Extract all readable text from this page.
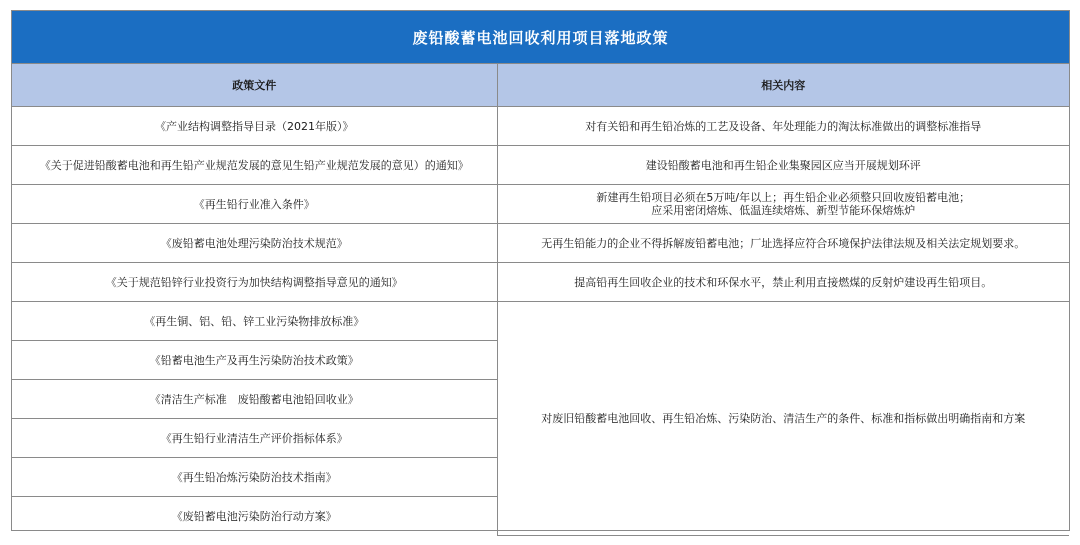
废铅酸蓄电池回收利用项目落地政策
政策文件	相关内容
《产业结构调整指导目录（2021年版）》	对有关铅和再生铅冶炼的工艺及设备、年处理能力的淘汰标准做出的调整标准指导
《关于促进铅酸蓄电池和再生铅产业规范发展的意见生铅产业规范发展的意见）的通知》	建设铅酸蓄电池和再生铅企业集聚园区应当开展规划环评
《再生铅行业准入条件》	新建再生铅项目必须在5万吨/年以上；再生铅企业必须整只回收废铅蓄电池；
应采用密闭熔炼、低温连续熔炼、新型节能环保熔炼炉

《废铅蓄电池处理污染防治技术规范》	无再生铅能力的企业不得拆解废铅蓄电池；厂址选择应符合环境保护法律法规及相关法定规划要求。
《关于规范铅锌行业投资行为加快结构调整指导意见的通知》	提高铅再生回收企业的技术和环保水平，禁止利用直接燃煤的反射炉建设再生铅项目。
《再生铜、铝、铅、锌工业污染物排放标准》	对废旧铅酸蓄电池回收、再生铅冶炼、污染防治、清洁生产的条件、标准和指标做出明确指南和方案
《铅蓄电池生产及再生污染防治技术政策》	
《清洁生产标准　废铅酸蓄电池铅回收业》	
《再生铅行业清洁生产评价指标体系》	
《再生铅冶炼污染防治技术指南》	
《废铅蓄电池污染防治行动方案》	
